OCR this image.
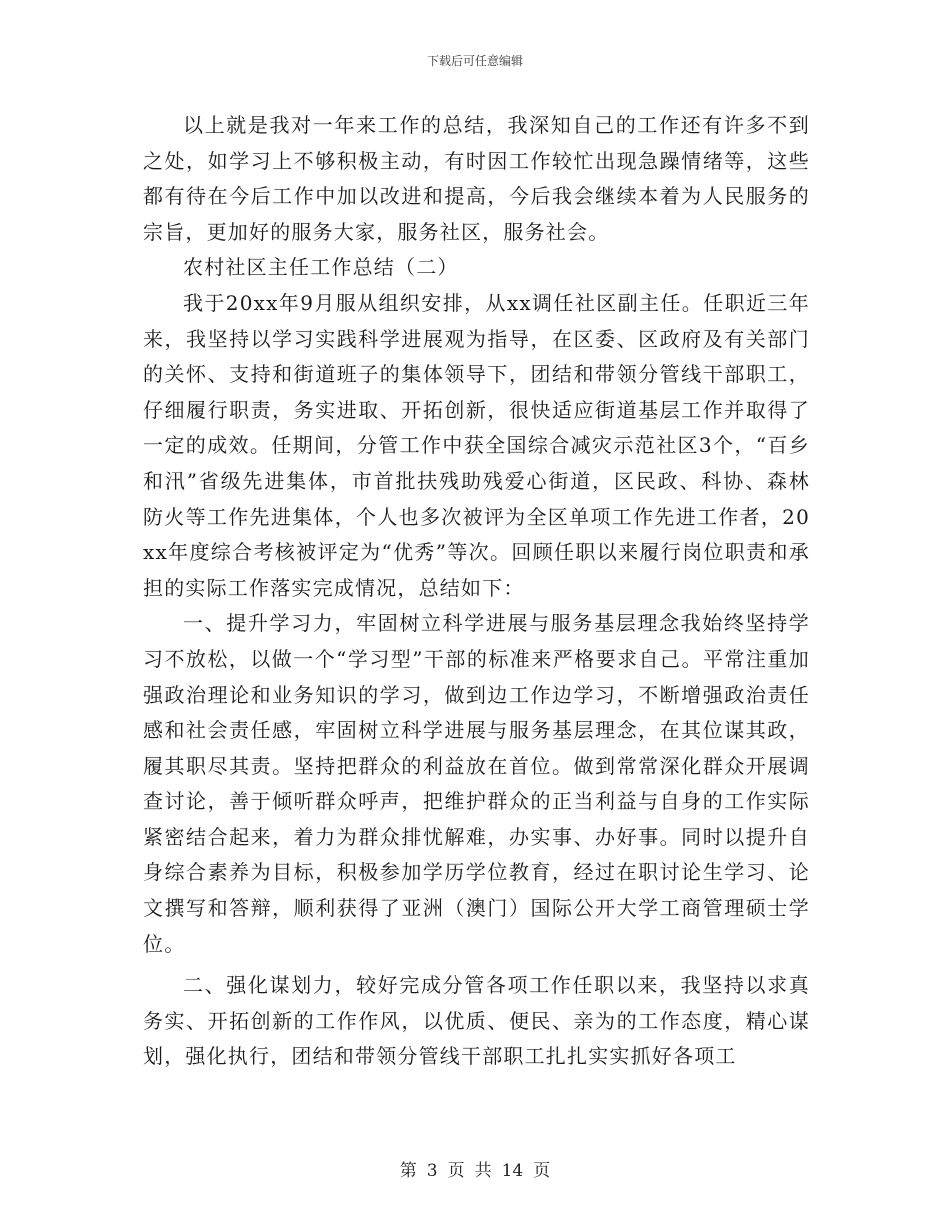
下载后可任意编辑

以上就是我对一年来工作的总结，我深知自己的工作还有许多不到之处，如学习上不够积极主动，有时因工作较忙出现急躁情绪等，这些都有待在今后工作中加以改进和提高，今后我会继续本着为人民服务的宗旨，更加好的服务大家，服务社区，服务社会。

农村社区主任工作总结（二）

我于20xx年9月服从组织安排，从xx调任社区副主任。任职近三年来，我坚持以学习实践科学进展观为指导，在区委、区政府及有关部门的关怀、支持和街道班子的集体领导下，团结和带领分管线干部职工，仔细履行职责，务实进取、开拓创新，很快适应街道基层工作并取得了一定的成效。任期间，分管工作中获全国综合减灾示范社区3个，“百乡和汛”省级先进集体，市首批扶残助残爱心街道，区民政、科协、森林防火等工作先进集体，个人也多次被评为全区单项工作先进工作者，20xx年度综合考核被评定为“优秀”等次。回顾任职以来履行岗位职责和承担的实际工作落实完成情况，总结如下：

一、提升学习力，牢固树立科学进展与服务基层理念我始终坚持学习不放松，以做一个“学习型”干部的标准来严格要求自己。平常注重加强政治理论和业务知识的学习，做到边工作边学习，不断增强政治责任感和社会责任感，牢固树立科学进展与服务基层理念，在其位谋其政，履其职尽其责。坚持把群众的利益放在首位。做到常常深化群众开展调查讨论，善于倾听群众呼声，把维护群众的正当利益与自身的工作实际紧密结合起来，着力为群众排忧解难，办实事、办好事。同时以提升自身综合素养为目标，积极参加学历学位教育，经过在职讨论生学习、论文撰写和答辩，顺利获得了亚洲（澳门）国际公开大学工商管理硕士学位。

二、强化谋划力，较好完成分管各项工作任职以来，我坚持以求真务实、开拓创新的工作作风，以优质、便民、亲为的工作态度，精心谋划，强化执行，团结和带领分管线干部职工扎扎实实抓好各项工

第 3 页 共 14 页
